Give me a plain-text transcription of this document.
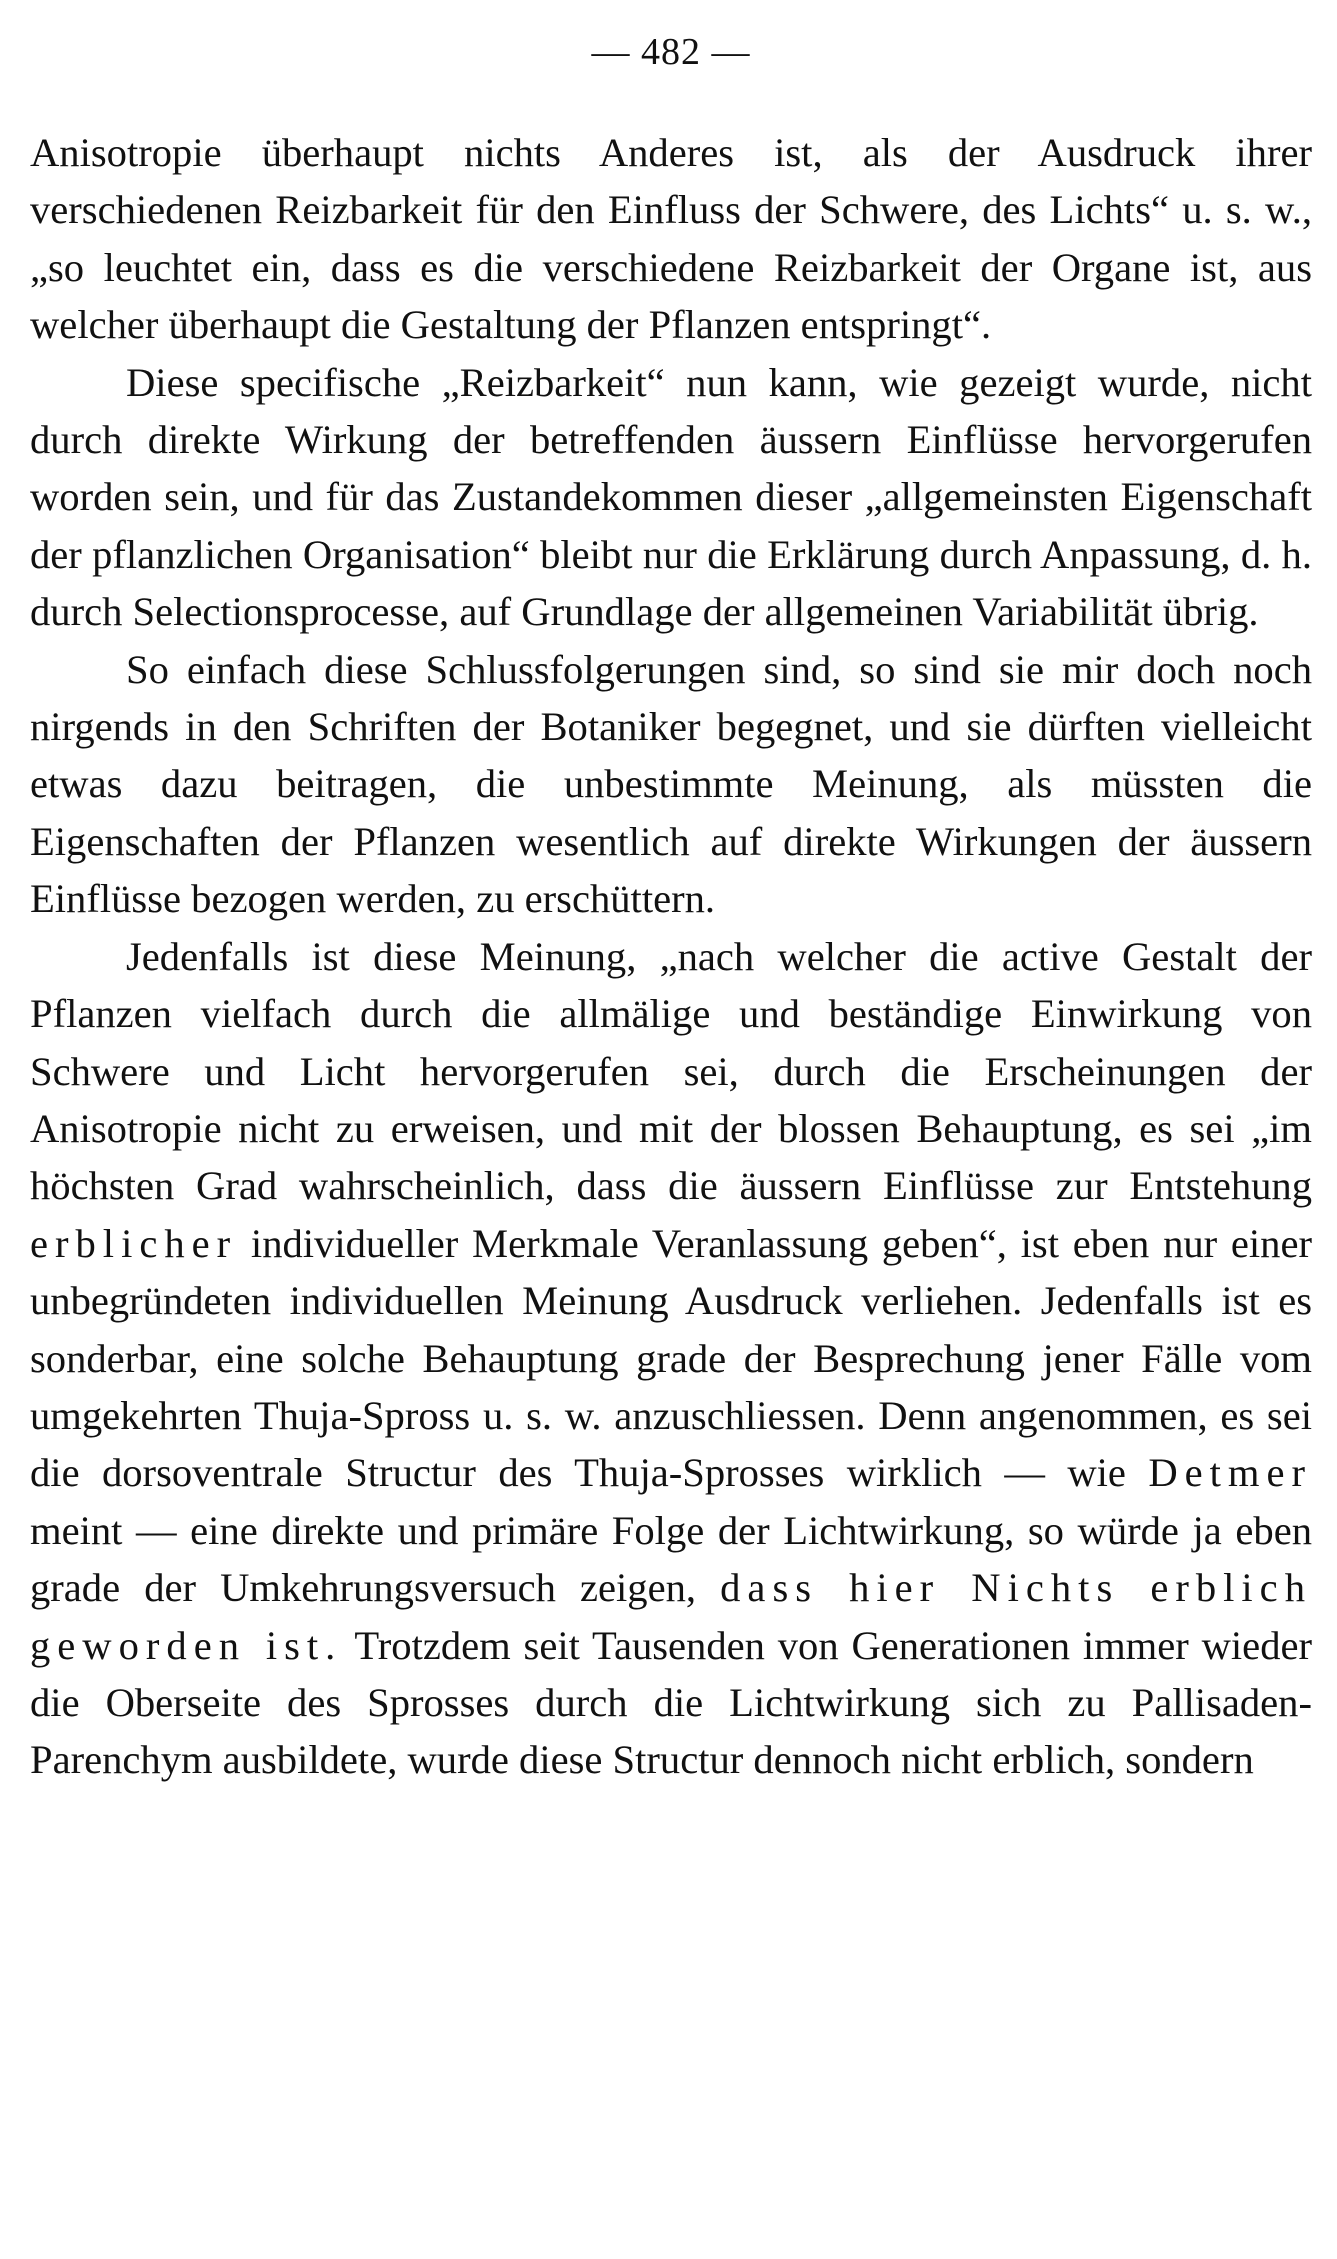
— 482 —

Anisotropie überhaupt nichts Anderes ist, als der Ausdruck ihrer verschiedenen Reizbarkeit für den Einfluss der Schwere, des Lichts“ u. s. w., „so leuchtet ein, dass es die verschiedene Reizbarkeit der Organe ist, aus welcher überhaupt die Gestaltung der Pflanzen entspringt“.

Diese specifische „Reizbarkeit“ nun kann, wie gezeigt wurde, nicht durch direkte Wirkung der betreffenden äussern Einflüsse hervorgerufen worden sein, und für das Zustandekommen dieser „allgemeinsten Eigenschaft der pflanzlichen Organisation“ bleibt nur die Erklärung durch Anpassung, d. h. durch Selectionsprocesse, auf Grundlage der allgemeinen Variabilität übrig.

So einfach diese Schlussfolgerungen sind, so sind sie mir doch noch nirgends in den Schriften der Botaniker begegnet, und sie dürften vielleicht etwas dazu beitragen, die unbestimmte Meinung, als müssten die Eigenschaften der Pflanzen wesentlich auf direkte Wirkungen der äussern Einflüsse bezogen werden, zu erschüttern.

Jedenfalls ist diese Meinung, „nach welcher die active Gestalt der Pflanzen vielfach durch die allmälige und beständige Einwirkung von Schwere und Licht hervorgerufen sei, durch die Erscheinungen der Anisotropie nicht zu erweisen, und mit der blossen Behauptung, es sei „im höchsten Grad wahrscheinlich, dass die äussern Einflüsse zur Entstehung erblicher individueller Merkmale Veranlassung geben“, ist eben nur einer unbegründeten individuellen Meinung Ausdruck verliehen. Jedenfalls ist es sonderbar, eine solche Behauptung grade der Besprechung jener Fälle vom umgekehrten Thuja-Spross u. s. w. anzuschliessen. Denn angenommen, es sei die dorsoventrale Structur des Thuja-Sprosses wirklich — wie Detmer meint — eine direkte und primäre Folge der Lichtwirkung, so würde ja eben grade der Umkehrungsversuch zeigen, dass hier Nichts erblich geworden ist. Trotzdem seit Tausenden von Generationen immer wieder die Oberseite des Sprosses durch die Lichtwirkung sich zu Pallisaden-Parenchym ausbildete, wurde diese Structur dennoch nicht erblich, sondern
